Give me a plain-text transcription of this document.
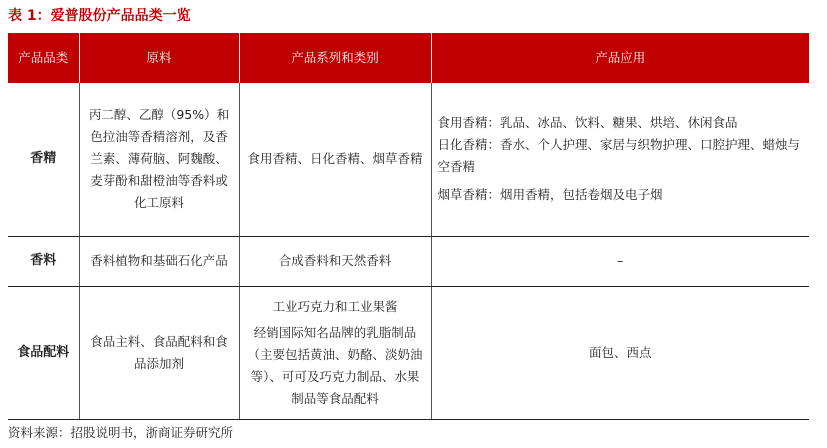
表 1：爱普股份产品品类一览
产品品类	原料	产品系列和类别	产品应用
香精	丙二醇、乙醇（95%）和色拉油等香精溶剂，及香兰素、薄荷脑、阿魏酸、麦芽酚和甜橙油等香料或化工原料	食用香精、日化香精、烟草香精	食用香精：乳品、冰品、饮料、糖果、烘培、休闲食品
日化香精：香水、个人护理、家居与织物护理、口腔护理、蜡烛与空香精
烟草香精：烟用香精，包括卷烟及电子烟

香料	香料植物和基础石化产品	合成香料和天然香料	–
食品配料	食品主料、食品配料和食品添加剂	工业巧克力和工业果酱
经销国际知名品牌的乳脂制品（主要包括黄油、奶酪、淡奶油等）、可可及巧克力制品、水果制品等食品配料	面包、西点
资料来源：招股说明书，浙商证券研究所
